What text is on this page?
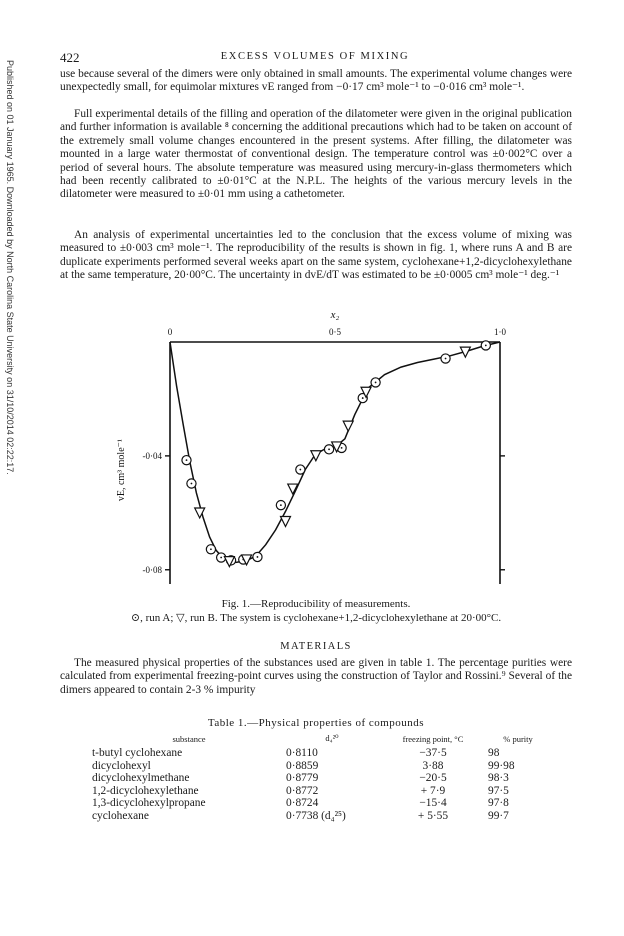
Published on 01 January 1965. Downloaded by North Carolina State University on 31/10/2014 02:22:17.
422	EXCESS VOLUMES OF MIXING

use because several of the dimers were only obtained in small amounts. The experimental volume changes were unexpectedly small, for equimolar mixtures vE ranged from −0·17 cm³ mole⁻¹ to −0·016 cm³ mole⁻¹.

Full experimental details of the filling and operation of the dilatometer were given in the original publication and further information is available ⁸ concerning the additional precautions which had to be taken on account of the extremely small volume changes encountered in the present systems. After filling, the dilatometer was mounted in a large water thermostat of conventional design. The temperature control was ±0·002°C over a period of several hours. The absolute temperature was measured using mercury-in-glass thermometers which had been recently calibrated to ±0·01°C at the N.P.L. The heights of the various mercury levels in the dilatometer were measured to ±0·01 mm using a cathetometer.

An analysis of experimental uncertainties led to the conclusion that the excess volume of mixing was measured to ±0·003 cm³ mole⁻¹. The reproducibility of the results is shown in fig. 1, where runs A and B are duplicate experiments performed several weeks apart on the same system, cyclohexane+1,2-dicyclohexylethane at the same temperature, 20·00°C. The uncertainty in dvE/dT was estimated to be ±0·0005 cm³ mole⁻¹ deg.⁻¹

0	0·5	1·0
x₂
-0·04
-0·08
vE, cm³ mole⁻¹

Fig. 1.—Reproducibility of measurements.

⊙, run A; ▽, run B. The system is cyclohexane+1,2-dicyclohexylethane at 20·00°C.

MATERIALS

The measured physical properties of the substances used are given in table 1. The percentage purities were calculated from experimental freezing-point curves using the construction of Taylor and Rossini.⁹ Several of the dimers appeared to contain 2-3 % impurity

Table 1.—Physical properties of compounds
substance	d₄²⁰	freezing point, °C	% purity
t-butyl cyclohexane	0·8110	−37·5	98
dicyclohexyl	0·8859	3·88	99·98
dicyclohexylmethane	0·8779	−20·5	98·3
1,2-dicyclohexylethane	0·8772	+ 7·9	97·5
1,3-dicyclohexylpropane	0·8724	−15·4	97·8
cyclohexane	0·7738 (d₄²⁵)	+ 5·55	99·7
